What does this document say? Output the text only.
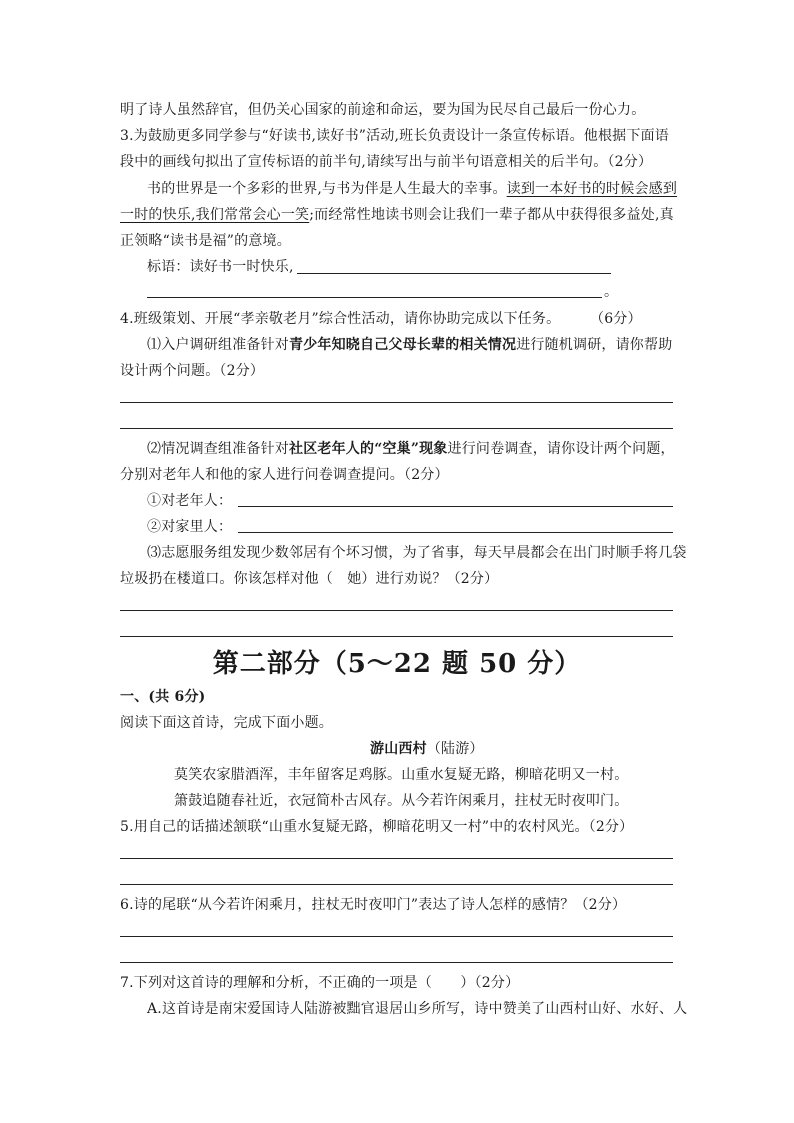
明了诗人虽然辞官，但仍关心国家的前途和命运，要为国为民尽自己最后一份心力。
3.为鼓励更多同学参与“好读书,读好书”活动,班长负责设计一条宣传标语。他根据下面语
段中的画线句拟出了宣传标语的前半句,请续写出与前半句语意相关的后半句。（2分）
书的世界是一个多彩的世界,与书为伴是人生最大的幸事。读到一本好书的时候会感到
一时的快乐,我们常常会心一笑;而经常性地读书则会让我们一辈子都从中获得很多益处,真
正领略“读书是福”的意境。
标语：读好书一时快乐,
。
4.班级策划、开展“孝亲敬老月”综合性活动，请你协助完成以下任务。 （6分）
⑴入户调研组准备针对青少年知晓自己父母长辈的相关情况进行随机调研，请你帮助
设计两个问题。（2分）
⑵情况调查组准备针对社区老年人的“空巢”现象进行问卷调查，请你设计两个问题，
分别对老年人和他的家人进行问卷调查提问。（2分）
①对老年人：
②对家里人：
⑶志愿服务组发现少数邻居有个坏习惯，为了省事，每天早晨都会在出门时顺手将几袋
垃圾扔在楼道口。你该怎样对他（　她）进行劝说？（2分）
第二部分（5～22 题 50 分）
一、(共 6分)
阅读下面这首诗，完成下面小题。
游山西村（陆游）
莫笑农家腊酒浑，丰年留客足鸡豚。山重水复疑无路，柳暗花明又一村。
箫鼓追随春社近，衣冠简朴古风存。从今若许闲乘月，拄杖无时夜叩门。
5.用自己的话描述颔联“山重水复疑无路，柳暗花明又一村”中的农村风光。（2分）
6.诗的尾联“从今若许闲乘月，拄杖无时夜叩门”表达了诗人怎样的感情？（2分）
7.下列对这首诗的理解和分析，不正确的一项是（　　）（2分）
A.这首诗是南宋爱国诗人陆游被黜官退居山乡所写，诗中赞美了山西村山好、水好、人
